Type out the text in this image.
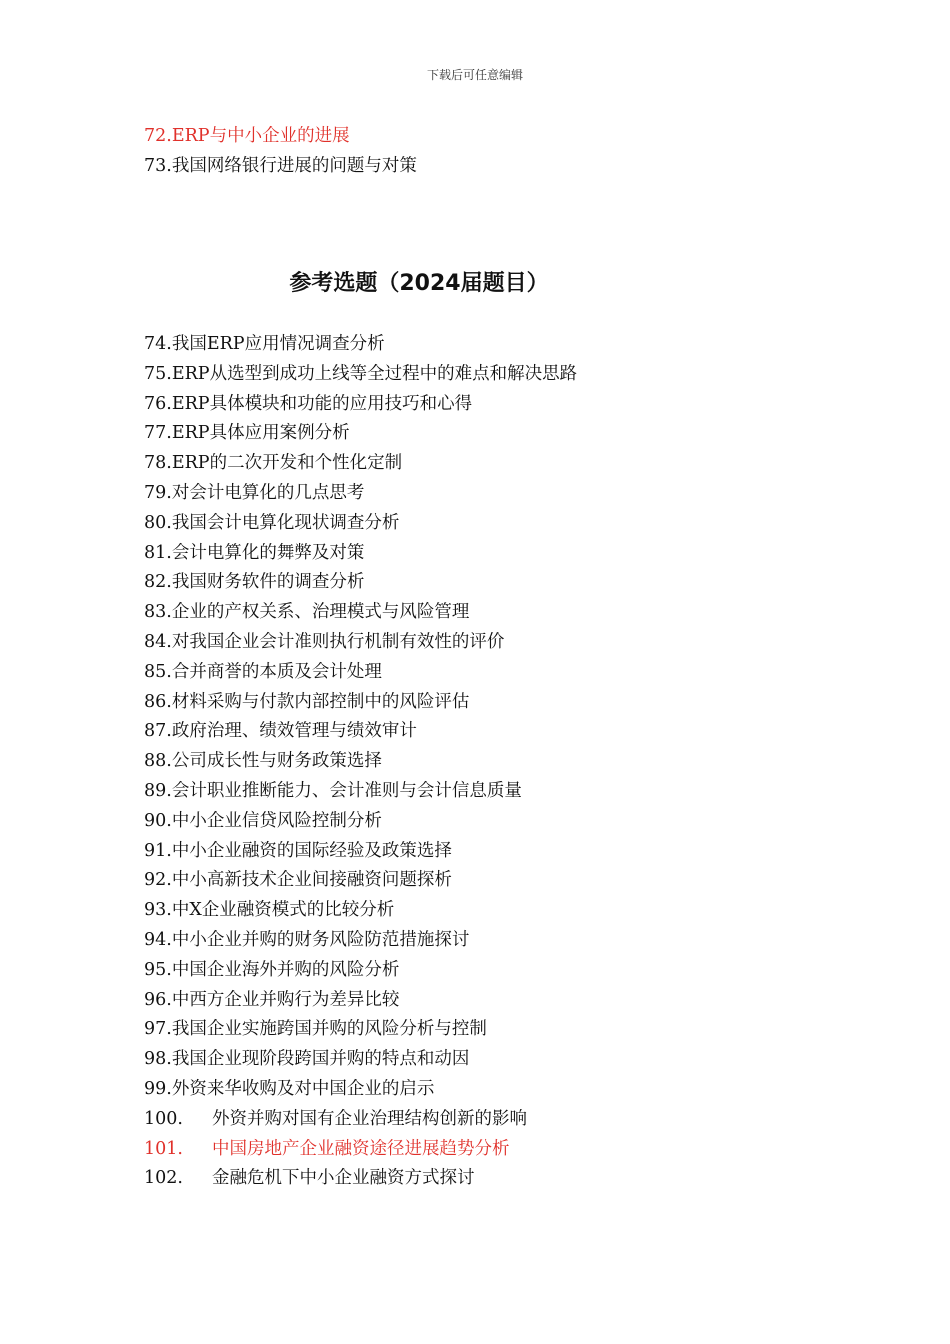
下载后可任意编辑
72.ERP与中小企业的进展
73.我国网络银行进展的问题与对策
参考选题（2024届题目）
74.我国ERP应用情况调查分析
75.ERP从选型到成功上线等全过程中的难点和解决思路
76.ERP具体模块和功能的应用技巧和心得
77.ERP具体应用案例分析
78.ERP的二次开发和个性化定制
79.对会计电算化的几点思考
80.我国会计电算化现状调查分析
81.会计电算化的舞弊及对策
82.我国财务软件的调查分析
83.企业的产权关系、治理模式与风险管理
84.对我国企业会计准则执行机制有效性的评价
85.合并商誉的本质及会计处理
86.材料采购与付款内部控制中的风险评估
87.政府治理、绩效管理与绩效审计
88.公司成长性与财务政策选择
89.会计职业推断能力、会计准则与会计信息质量
90.中小企业信贷风险控制分析
91.中小企业融资的国际经验及政策选择
92.中小高新技术企业间接融资问题探析
93.中X企业融资模式的比较分析
94.中小企业并购的财务风险防范措施探讨
95.中国企业海外并购的风险分析
96.中西方企业并购行为差异比较
97.我国企业实施跨国并购的风险分析与控制
98.我国企业现阶段跨国并购的特点和动因
99.外资来华收购及对中国企业的启示
100. 外资并购对国有企业治理结构创新的影响
101. 中国房地产企业融资途径进展趋势分析
102. 金融危机下中小企业融资方式探讨
